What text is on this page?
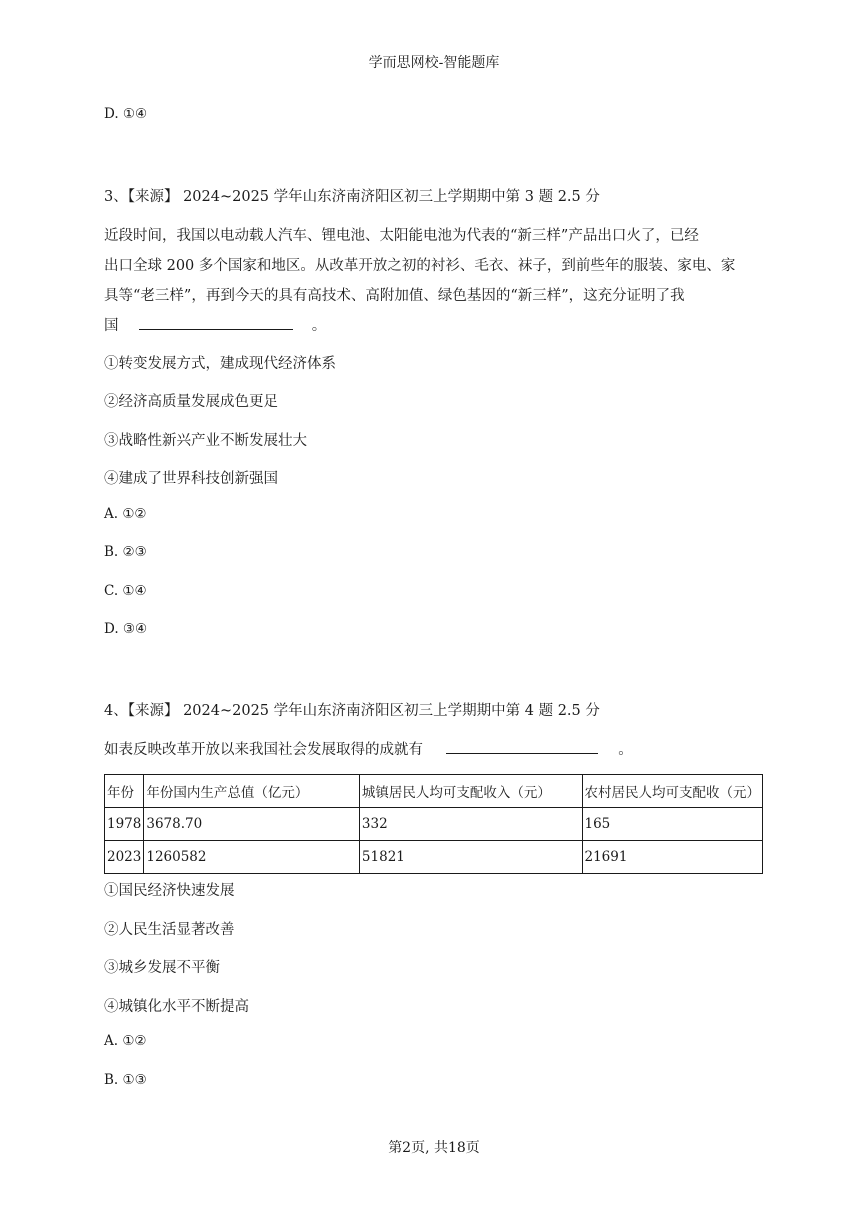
学而思网校-智能题库
D. ①④
3、【来源】 2024~2025 学年山东济南济阳区初三上学期期中第 3 题 2.5 分
近段时间，我国以电动载人汽车、锂电池、太阳能电池为代表的“新三样”产品出口火了，已经
出口全球 200 多个国家和地区。从改革开放之初的衬衫、毛衣、袜子，到前些年的服装、家电、家
具等“老三样”，再到今天的具有高技术、高附加值、绿色基因的“新三样”，这充分证明了我
国	。
①转变发展方式，建成现代经济体系
②经济高质量发展成色更足
③战略性新兴产业不断发展壮大
④建成了世界科技创新强国
A. ①②
B. ②③
C. ①④
D. ③④
4、【来源】 2024~2025 学年山东济南济阳区初三上学期期中第 4 题 2.5 分
如表反映改革开放以来我国社会发展取得的成就有	。
年份	年份国内生产总值（亿元）	城镇居民人均可支配收入（元）	农村居民人均可支配收（元）
1978	3678.70	332	165
2023	1260582	51821	21691
①国民经济快速发展
②人民生活显著改善
③城乡发展不平衡
④城镇化水平不断提高
A. ①②
B. ①③
第2页, 共18页
